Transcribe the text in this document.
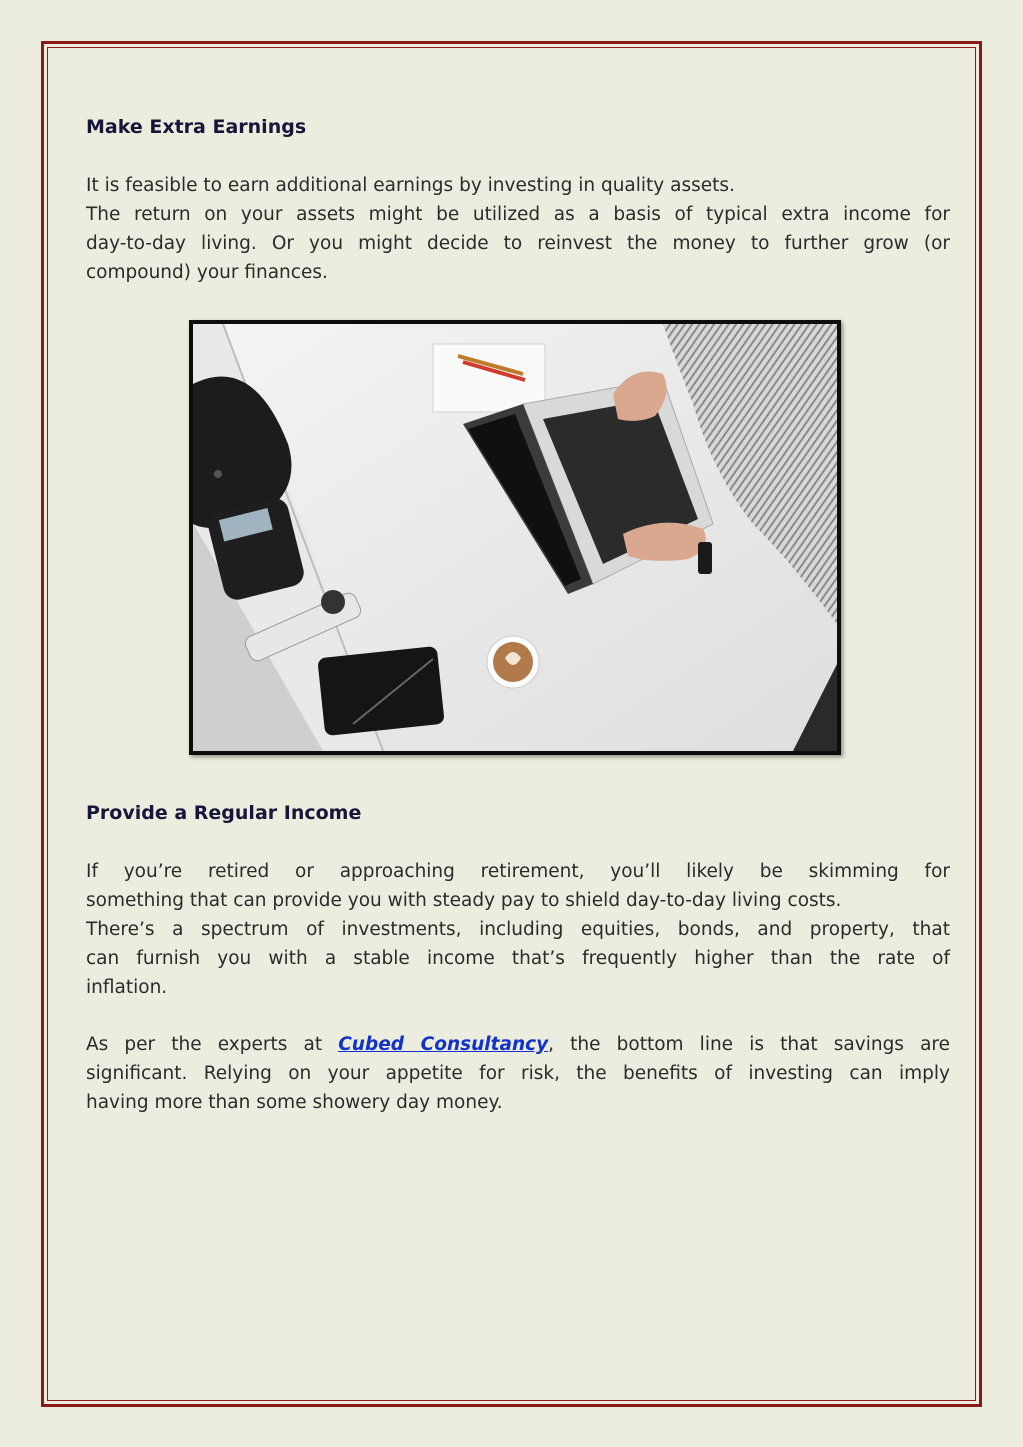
Make Extra Earnings

It is feasible to earn additional earnings by investing in quality assets.

The return on your assets might be utilized as a basis of typical extra income for
day-to-day living. Or you might decide to reinvest the money to further grow (or
compound) your finances.

Provide a Regular Income

If you’re retired or approaching retirement, you’ll likely be skimming for
something that can provide you with steady pay to shield day-to-day living costs.

There’s a spectrum of investments, including equities, bonds, and property, that
can furnish you with a stable income that’s frequently higher than the rate of
inflation.

As per the experts at Cubed Consultancy, the bottom line is that savings are
significant. Relying on your appetite for risk, the benefits of investing can imply
having more than some showery day money.
